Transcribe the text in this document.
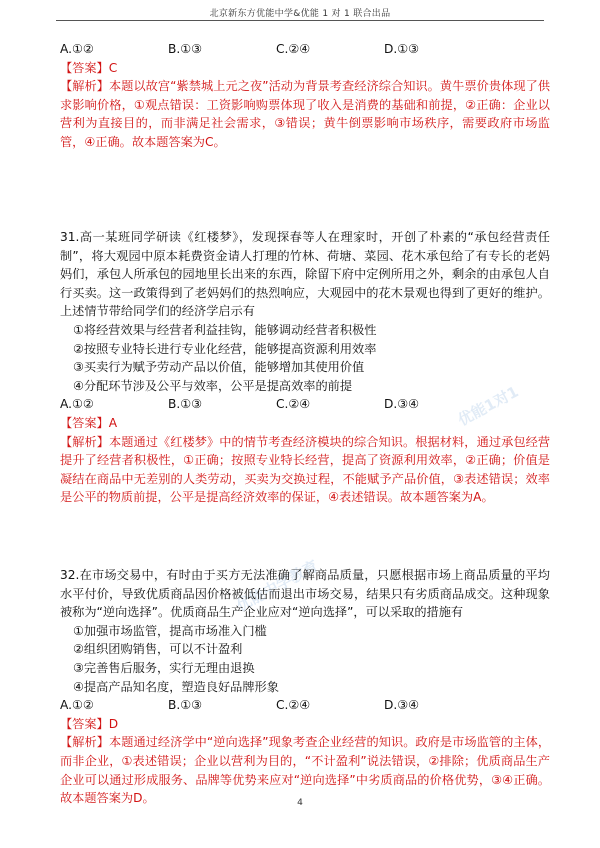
北京新东方优能中学&优能 1 对 1 联合出品
优能1对1
优能中学教育
A.①②	B.①③	C.②④	D.①③
【答案】C
【解析】本题以故宫“紫禁城上元之夜”活动为背景考查经济综合知识。黄牛票价贵体现了供求影响价格，①观点错误：工资影响购票体现了收入是消费的基础和前提，②正确：企业以营利为直接目的，而非满足社会需求，③错误；黄牛倒票影响市场秩序，需要政府市场监管，④正确。故本题答案为C。
31.高一某班同学研读《红楼梦》，发现探春等人在理家时，开创了朴素的“承包经营责任制”，将大观园中原本耗费资金请人打理的竹林、荷塘、菜园、花木承包给了有专长的老妈妈们，承包人所承包的园地里长出来的东西，除留下府中定例所用之外，剩余的由承包人自行买卖。这一政策得到了老妈妈们的热烈响应，大观园中的花木景观也得到了更好的维护。上述情节带给同学们的经济学启示有
①将经营效果与经营者利益挂钩，能够调动经营者积极性
②按照专业特长进行专业化经营，能够提高资源利用效率
③买卖行为赋予劳动产品以价值，能够增加其使用价值
④分配环节涉及公平与效率，公平是提高效率的前提
A.①②	B.①③	C.②④	D.③④
【答案】A
【解析】本题通过《红楼梦》中的情节考查经济模块的综合知识。根据材料，通过承包经营提升了经营者积极性，①正确；按照专业特长经营，提高了资源利用效率，②正确；价值是凝结在商品中无差别的人类劳动，买卖为交换过程，不能赋予产品价值，③表述错误；效率是公平的物质前提，公平是提高经济效率的保证，④表述错误。故本题答案为A。
32.在市场交易中，有时由于买方无法准确了解商品质量，只愿根据市场上商品质量的平均水平付价，导致优质商品因价格被低估而退出市场交易，结果只有劣质商品成交。这种现象被称为“逆向选择”。优质商品生产企业应对“逆向选择”，可以采取的措施有
①加强市场监管，提高市场准入门槛
②组织团购销售，可以不计盈利
③完善售后服务，实行无理由退换
④提高产品知名度，塑造良好品牌形象
A.①②	B.①③	C.②④	D.③④
【答案】D
【解析】本题通过经济学中“逆向选择”现象考查企业经营的知识。政府是市场监管的主体，而非企业，①表述错误；企业以营利为目的，“不计盈利”说法错误，②排除；优质商品生产企业可以通过形成服务、品牌等优势来应对“逆向选择”中劣质商品的价格优势，③④正确。故本题答案为D。	4
